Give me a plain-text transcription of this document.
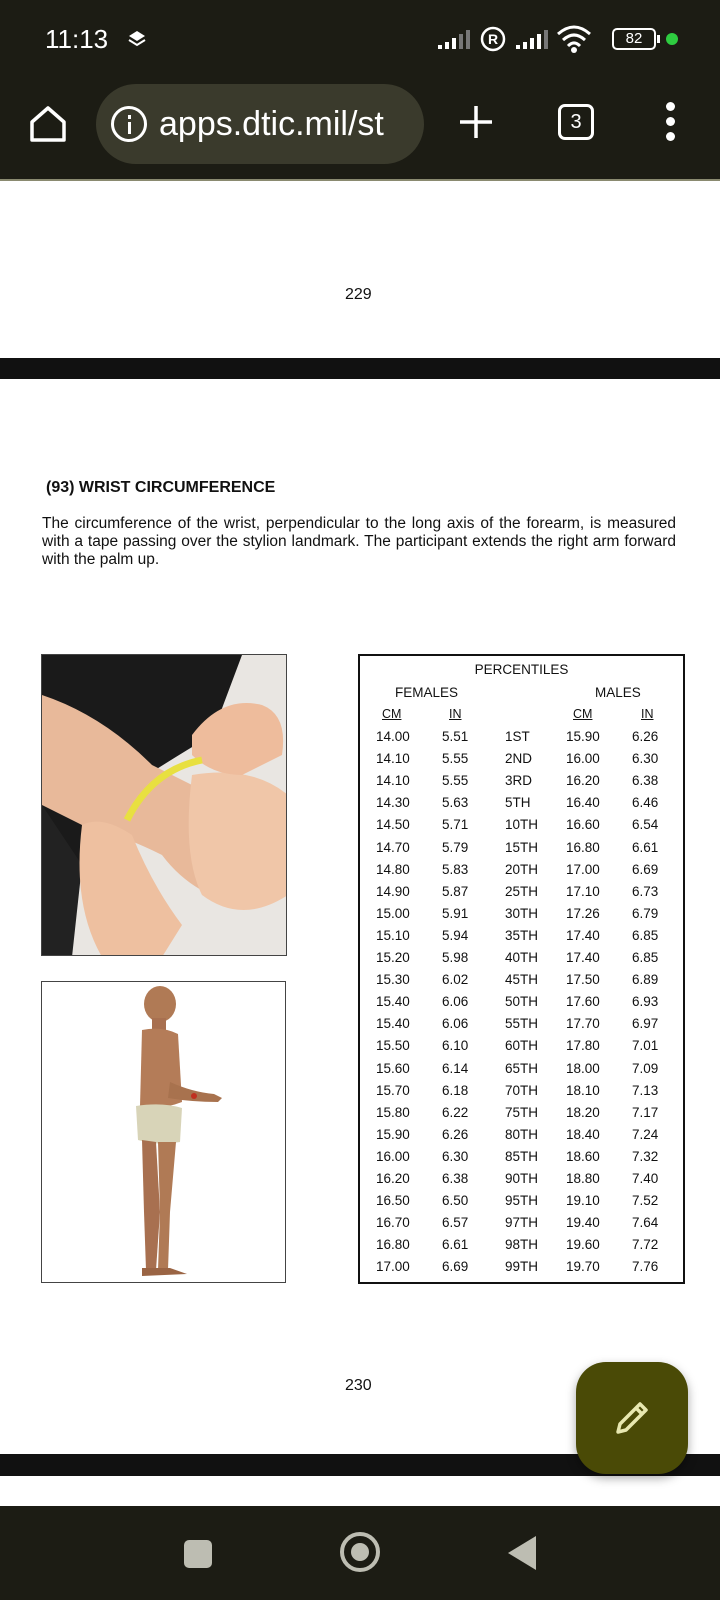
11:13	R	82
apps.dtic.mil/st	3
229
(93) WRIST CIRCUMFERENCE
The circumference of the wrist, perpendicular to the long axis of the forearm, is measured with a tape passing over the stylion landmark. The participant extends the right arm forward with the palm up.
PERCENTILES
FEMALES	MALES
CM	IN	CM	IN
14.00 5.51	1ST	15.90 6.26
14.10 5.55	2ND	16.00 6.30
14.10 5.55	3RD	16.20 6.38
14.30 5.63	5TH	16.40 6.46
14.50 5.71	10TH 16.60 6.54
14.70 5.79	15TH 16.80 6.61
14.80 5.83	20TH 17.00 6.69
14.90 5.87	25TH 17.10 6.73
15.00 5.91	30TH 17.26 6.79
15.10 5.94	35TH 17.40 6.85
15.20 5.98	40TH 17.40 6.85
15.30 6.02	45TH 17.50 6.89
15.40 6.06	50TH 17.60 6.93
15.40 6.06	55TH 17.70 6.97
15.50 6.10	60TH 17.80 7.01
15.60 6.14	65TH 18.00 7.09
15.70 6.18	70TH 18.10 7.13
15.80 6.22	75TH 18.20 7.17
15.90 6.26	80TH 18.40 7.24
16.00 6.30	85TH 18.60 7.32
16.20 6.38	90TH 18.80 7.40
16.50 6.50	95TH 19.10 7.52
16.70 6.57	97TH 19.40 7.64
16.80 6.61	98TH 19.60 7.72
17.00 6.69	99TH 19.70 7.76
230
